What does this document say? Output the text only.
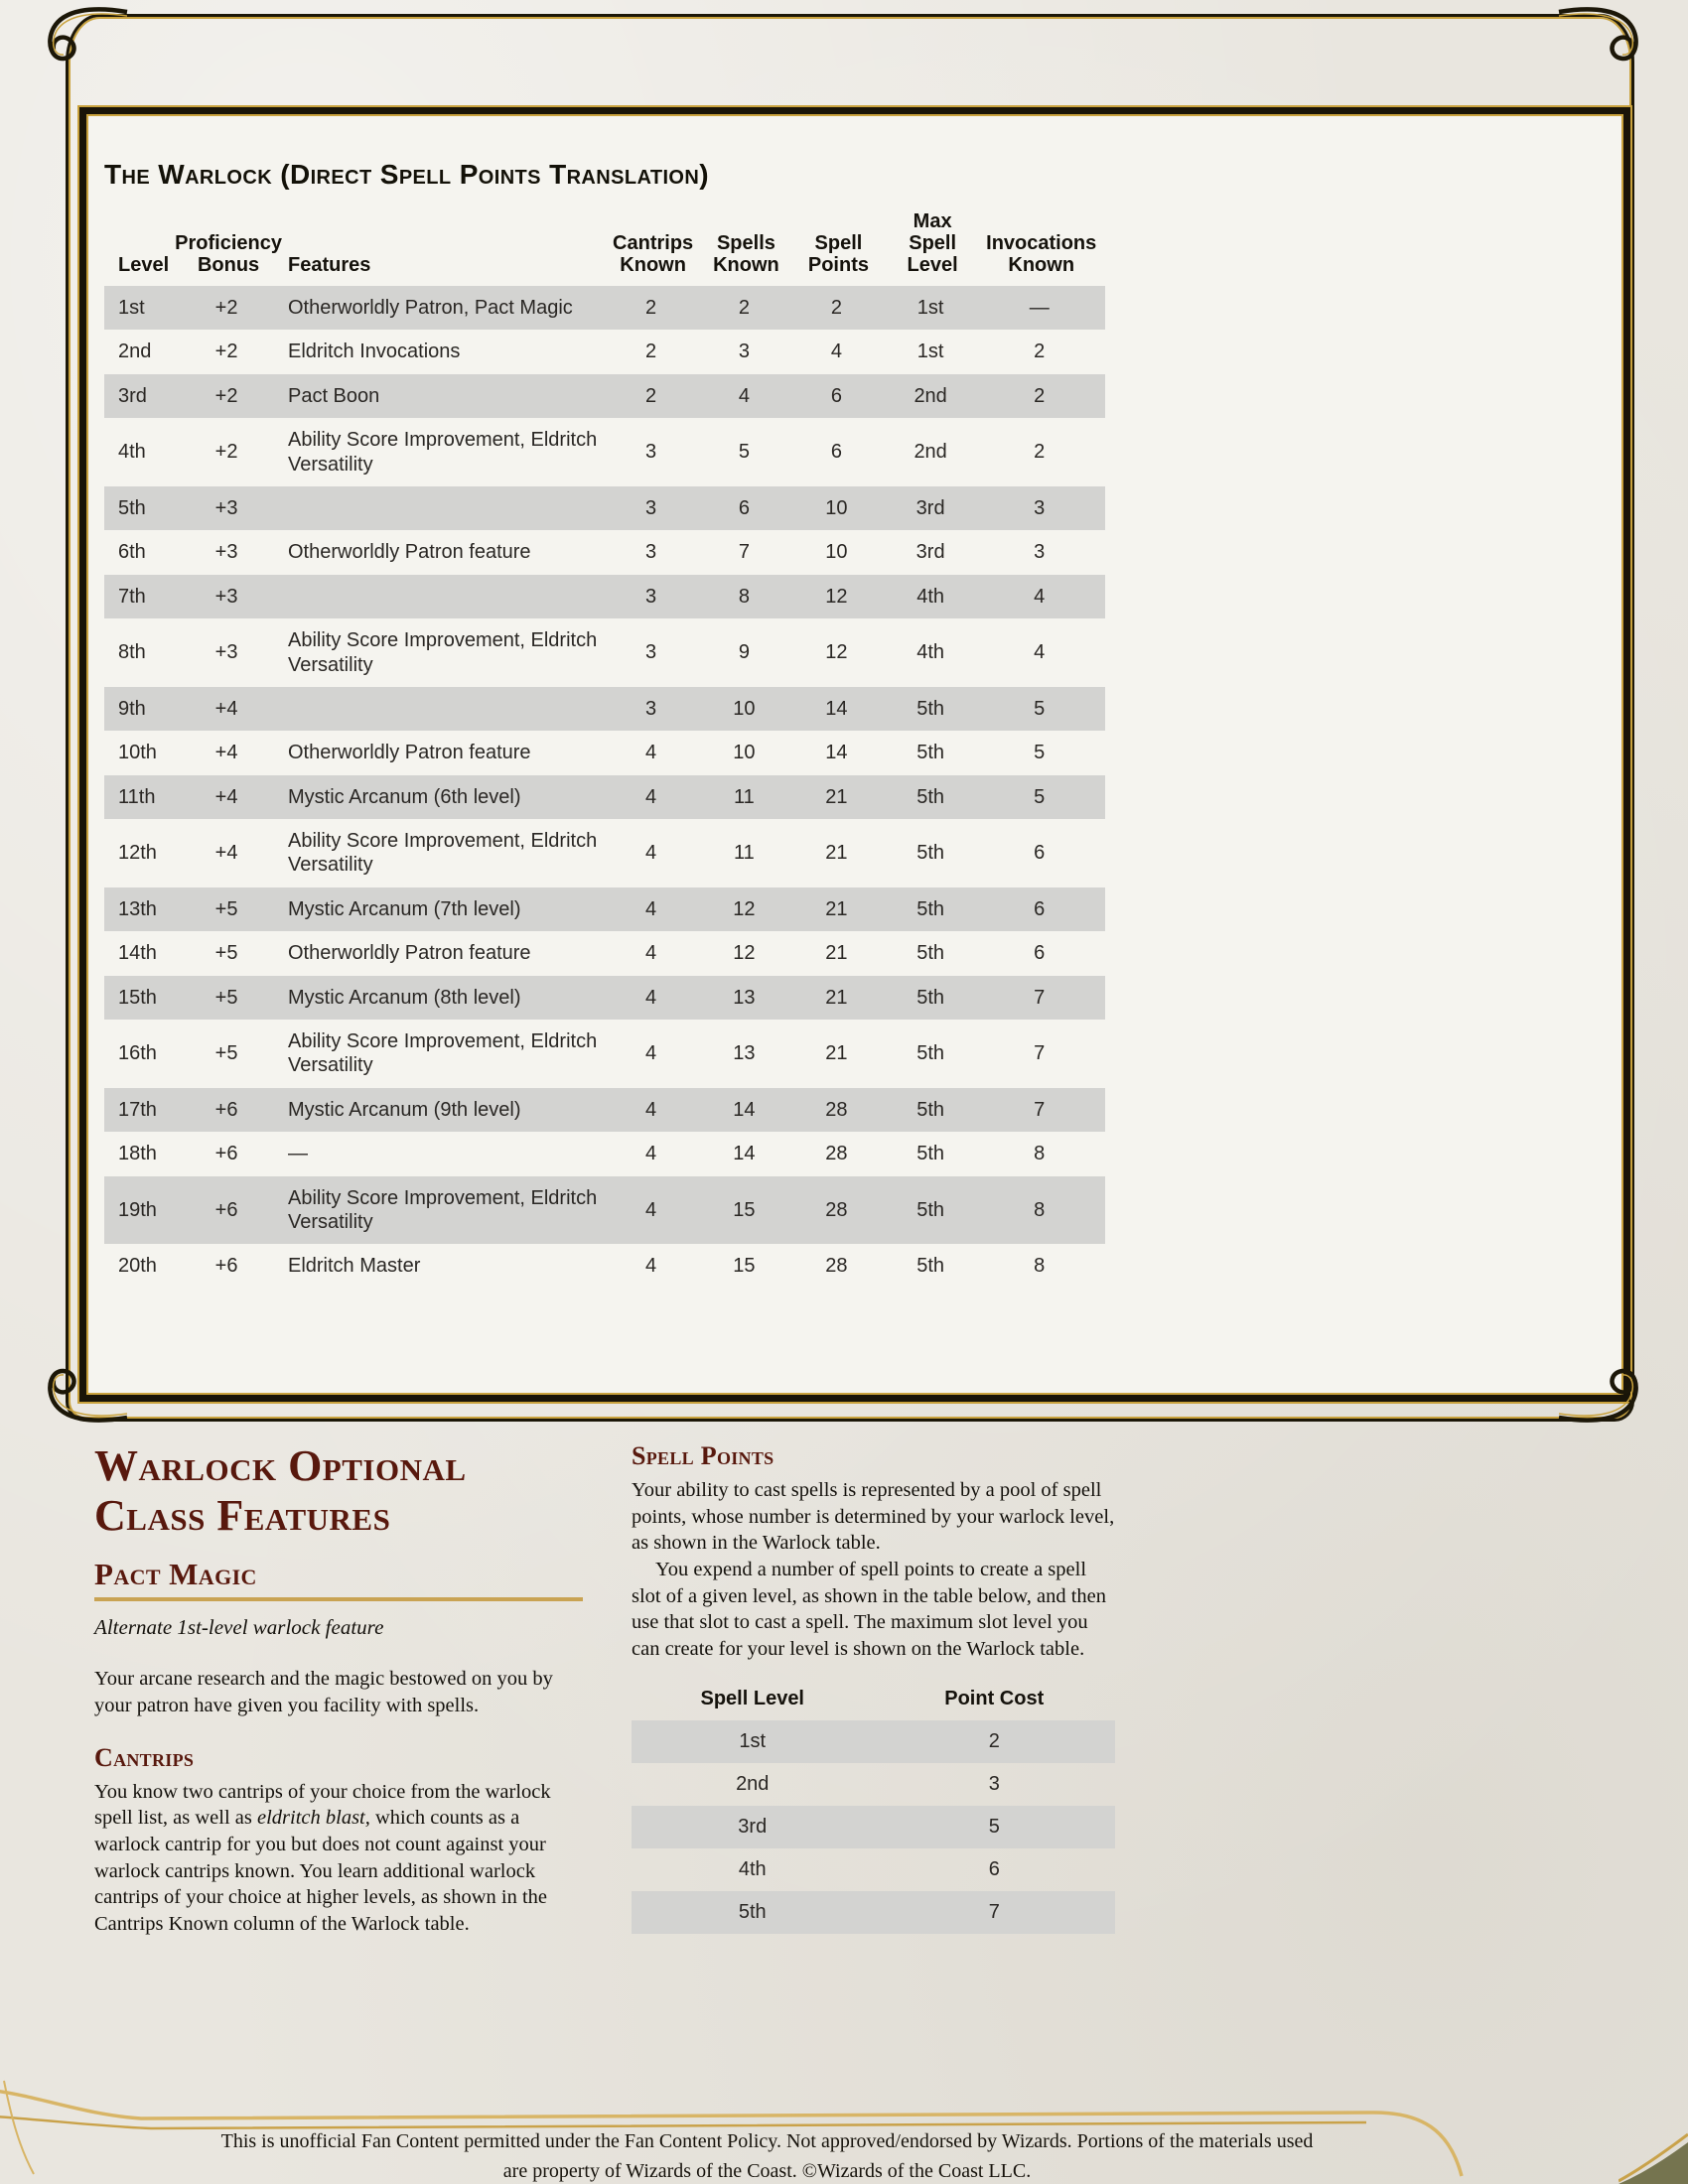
The Warlock (Direct Spell Points Translation)
Level	Proficiency Bonus	Features	Cantrips Known	Spells Known	Spell Points	Max Spell Level	Invocations Known
1st	+2	Otherworldly Patron, Pact Magic	2	2	2	1st	—
2nd	+2	Eldritch Invocations	2	3	4	1st	2
3rd	+2	Pact Boon	2	4	6	2nd	2
4th	+2	Ability Score Improvement, Eldritch Versatility	3	5	6	2nd	2
5th	+3		3	6	10	3rd	3
6th	+3	Otherworldly Patron feature	3	7	10	3rd	3
7th	+3		3	8	12	4th	4
8th	+3	Ability Score Improvement, Eldritch Versatility	3	9	12	4th	4
9th	+4		3	10	14	5th	5
10th	+4	Otherworldly Patron feature	4	10	14	5th	5
11th	+4	Mystic Arcanum (6th level)	4	11	21	5th	5
12th	+4	Ability Score Improvement, Eldritch Versatility	4	11	21	5th	6
13th	+5	Mystic Arcanum (7th level)	4	12	21	5th	6
14th	+5	Otherworldly Patron feature	4	12	21	5th	6
15th	+5	Mystic Arcanum (8th level)	4	13	21	5th	7
16th	+5	Ability Score Improvement, Eldritch Versatility	4	13	21	5th	7
17th	+6	Mystic Arcanum (9th level)	4	14	28	5th	7
18th	+6	—	4	14	28	5th	8
19th	+6	Ability Score Improvement, Eldritch Versatility	4	15	28	5th	8
20th	+6	Eldritch Master	4	15	28	5th	8
Warlock Optional Class Features
Pact Magic

Alternate 1st-level warlock feature

Your arcane research and the magic bestowed on you by your patron have given you facility with spells.

Cantrips

You know two cantrips of your choice from the warlock spell list, as well as eldritch blast, which counts as a warlock cantrip for you but does not count against your warlock cantrips known. You learn additional warlock cantrips of your choice at higher levels, as shown in the Cantrips Known column of the Warlock table.

Spell Points

Your ability to cast spells is represented by a pool of spell points, whose number is determined by your warlock level, as shown in the Warlock table.

You expend a number of spell points to create a spell slot of a given level, as shown in the table below, and then use that slot to cast a spell. The maximum slot level you can create for your level is shown on the Warlock table.

Spell Level	Point Cost
1st	2
2nd	3
3rd	5
4th	6
5th	7

This is unofficial Fan Content permitted under the Fan Content Policy. Not approved/endorsed by Wizards. Portions of the materials used

are property of Wizards of the Coast. ©Wizards of the Coast LLC.
